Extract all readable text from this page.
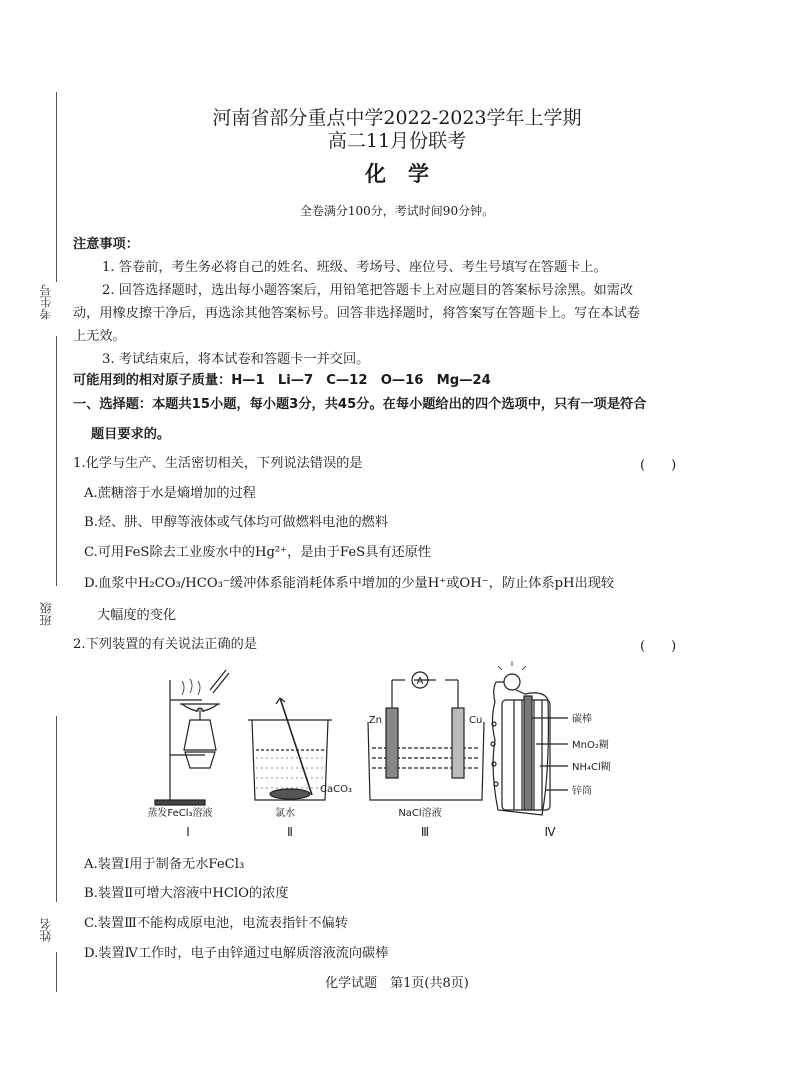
考生号
班级
姓名
河南省部分重点中学2022-2023学年上学期
高二11月份联考
化学
全卷满分100分，考试时间90分钟。
注意事项：
1. 答卷前，考生务必将自己的姓名、班级、考场号、座位号、考生号填写在答题卡上。
2. 回答选择题时，选出每小题答案后，用铅笔把答题卡上对应题目的答案标号涂黑。如需改
动，用橡皮擦干净后，再选涂其他答案标号。回答非选择题时，将答案写在答题卡上。写在本试卷
上无效。
3. 考试结束后，将本试卷和答题卡一并交回。
可能用到的相对原子质量：H—1　Li—7　C—12　O—16　Mg—24
一、选择题：本题共15小题，每小题3分，共45分。在每小题给出的四个选项中，只有一项是符合
题目要求的。
1.化学与生产、生活密切相关，下列说法错误的是	(　　)
A.蔗糖溶于水是熵增加的过程
B.烃、肼、甲醇等液体或气体均可做燃料电池的燃料
C.可用FeS除去工业废水中的Hg²⁺，是由于FeS具有还原性
D.血浆中H₂CO₃/HCO₃⁻缓冲体系能消耗体系中增加的少量H⁺或OH⁻，防止体系pH出现较
大幅度的变化
2.下列装置的有关说法正确的是	(　　)
蒸发FeCl₃溶液
Ⅰ
CaCO₃
氯水
Ⅱ
A
Zn	Cu
NaCl溶液
Ⅲ
碳棒
MnO₂糊
NH₄Cl糊
锌筒
Ⅳ
A.装置Ⅰ用于制备无水FeCl₃
B.装置Ⅱ可增大溶液中HClO的浓度
C.装置Ⅲ不能构成原电池，电流表指针不偏转
D.装置Ⅳ工作时，电子由锌通过电解质溶液流向碳棒
化学试题　第1页(共8页)
